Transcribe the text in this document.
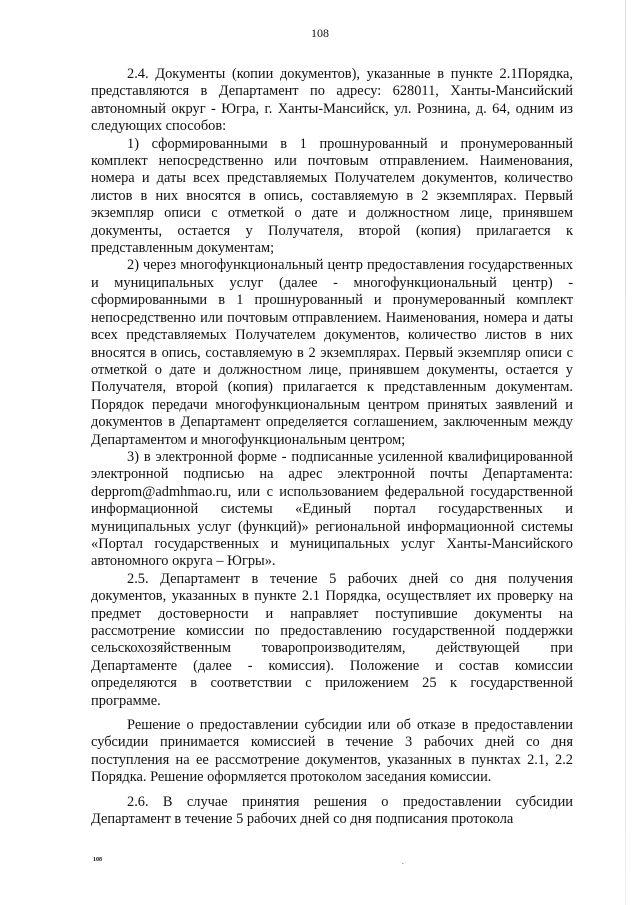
108

2.4. Документы (копии документов), указанные в пункте 2.1Порядка, представляются в Департамент по адресу: 628011, Ханты-Мансийский автономный округ - Югра, г. Ханты-Мансийск, ул. Рознина, д. 64, одним из следующих способов:

1) сформированными в 1 прошнурованный и пронумерованный комплект непосредственно или почтовым отправлением. Наименования, номера и даты всех представляемых Получателем документов, количество листов в них вносятся в опись, составляемую в 2 экземплярах. Первый экземпляр описи с отметкой о дате и должностном лице, принявшем документы, остается у Получателя, второй (копия) прилагается к представленным документам;

2) через многофункциональный центр предоставления государственных и муниципальных услуг (далее - многофункциональный центр) - сформированными в 1 прошнурованный и пронумерованный комплект непосредственно или почтовым отправлением. Наименования, номера и даты всех представляемых Получателем документов, количество листов в них вносятся в опись, составляемую в 2 экземплярах. Первый экземпляр описи с отметкой о дате и должностном лице, принявшем документы, остается у Получателя, второй (копия) прилагается к представленным документам. Порядок передачи многофункциональным центром принятых заявлений и документов в Департамент определяется соглашением, заключенным между Департаментом и многофункциональным центром;

3) в электронной форме - подписанные усиленной квалифицированной электронной подписью на адрес электронной почты Департамента: depprom@admhmao.ru, или с использованием федеральной государственной информационной системы «Единый портал государственных и муниципальных услуг (функций)» региональной информационной системы «Портал государственных и муниципальных услуг Ханты-Мансийского автономного округа – Югры».

2.5. Департамент в течение 5 рабочих дней со дня получения документов, указанных в пункте 2.1 Порядка, осуществляет их проверку на предмет достоверности и направляет поступившие документы на рассмотрение комиссии по предоставлению государственной поддержки сельскохозяйственным товаропроизводителям, действующей при Департаменте (далее - комиссия). Положение и состав комиссии определяются в соответствии с приложением 25 к государственной программе.

Решение о предоставлении субсидии или об отказе в предоставлении субсидии принимается комиссией в течение 3 рабочих дней со дня поступления на ее рассмотрение документов, указанных в пунктах 2.1, 2.2 Порядка. Решение оформляется протоколом заседания комиссии.

2.6. В случае принятия решения о предоставлении субсидии Департамент в течение 5 рабочих дней со дня подписания протокола

108	.
